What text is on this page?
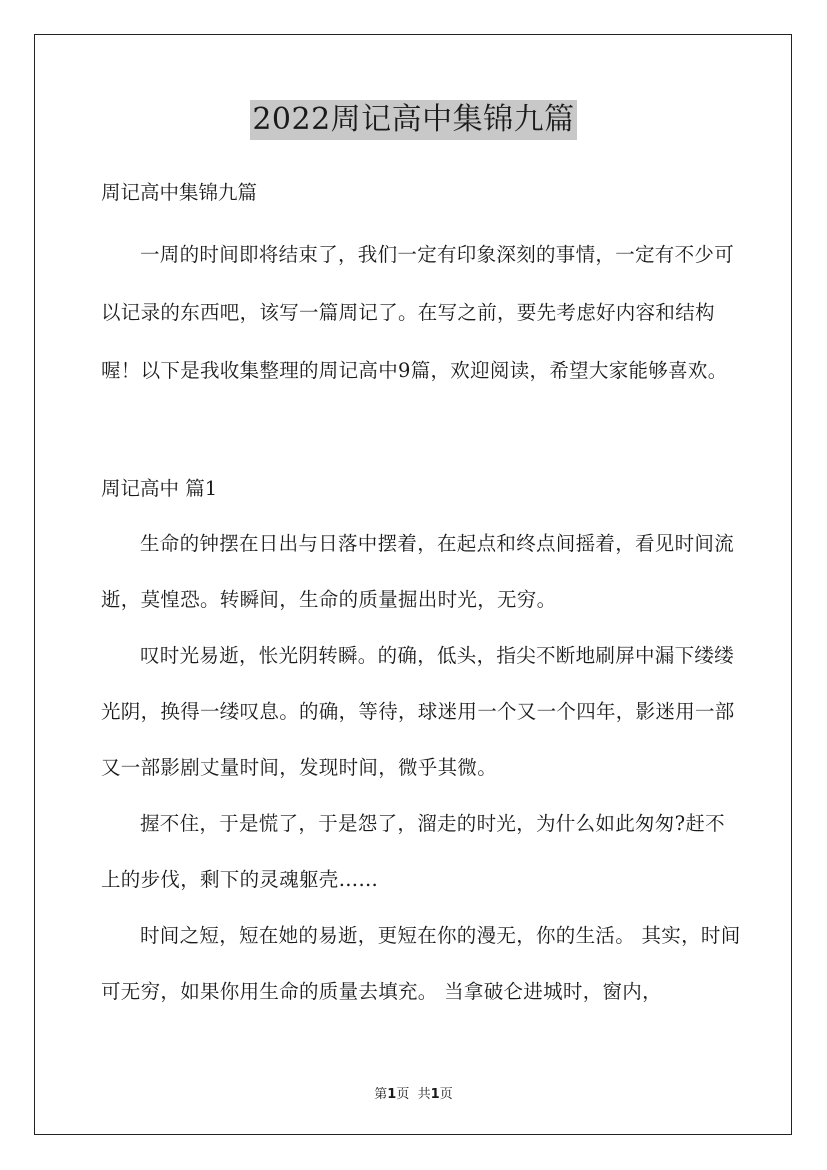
2022周记高中集锦九篇
周记高中集锦九篇

一周的时间即将结束了，我们一定有印象深刻的事情，一定有不少可以记录的东西吧，该写一篇周记了。在写之前，要先考虑好内容和结构喔！以下是我收集整理的周记高中9篇，欢迎阅读，希望大家能够喜欢。

周记高中 篇1

生命的钟摆在日出与日落中摆着，在起点和终点间摇着，看见时间流逝，莫惶恐。转瞬间，生命的质量掘出时光，无穷。

叹时光易逝，怅光阴转瞬。的确，低头，指尖不断地刷屏中漏下缕缕光阴，换得一缕叹息。的确，等待，球迷用一个又一个四年，影迷用一部又一部影剧丈量时间，发现时间，微乎其微。

握不住，于是慌了，于是怨了，溜走的时光，为什么如此匆匆?赶不上的步伐，剩下的灵魂躯壳……

时间之短，短在她的易逝，更短在你的漫无，你的生活。 其实，时间可无穷，如果你用生命的质量去填充。 当拿破仑进城时，窗内，

第1页 共1页
